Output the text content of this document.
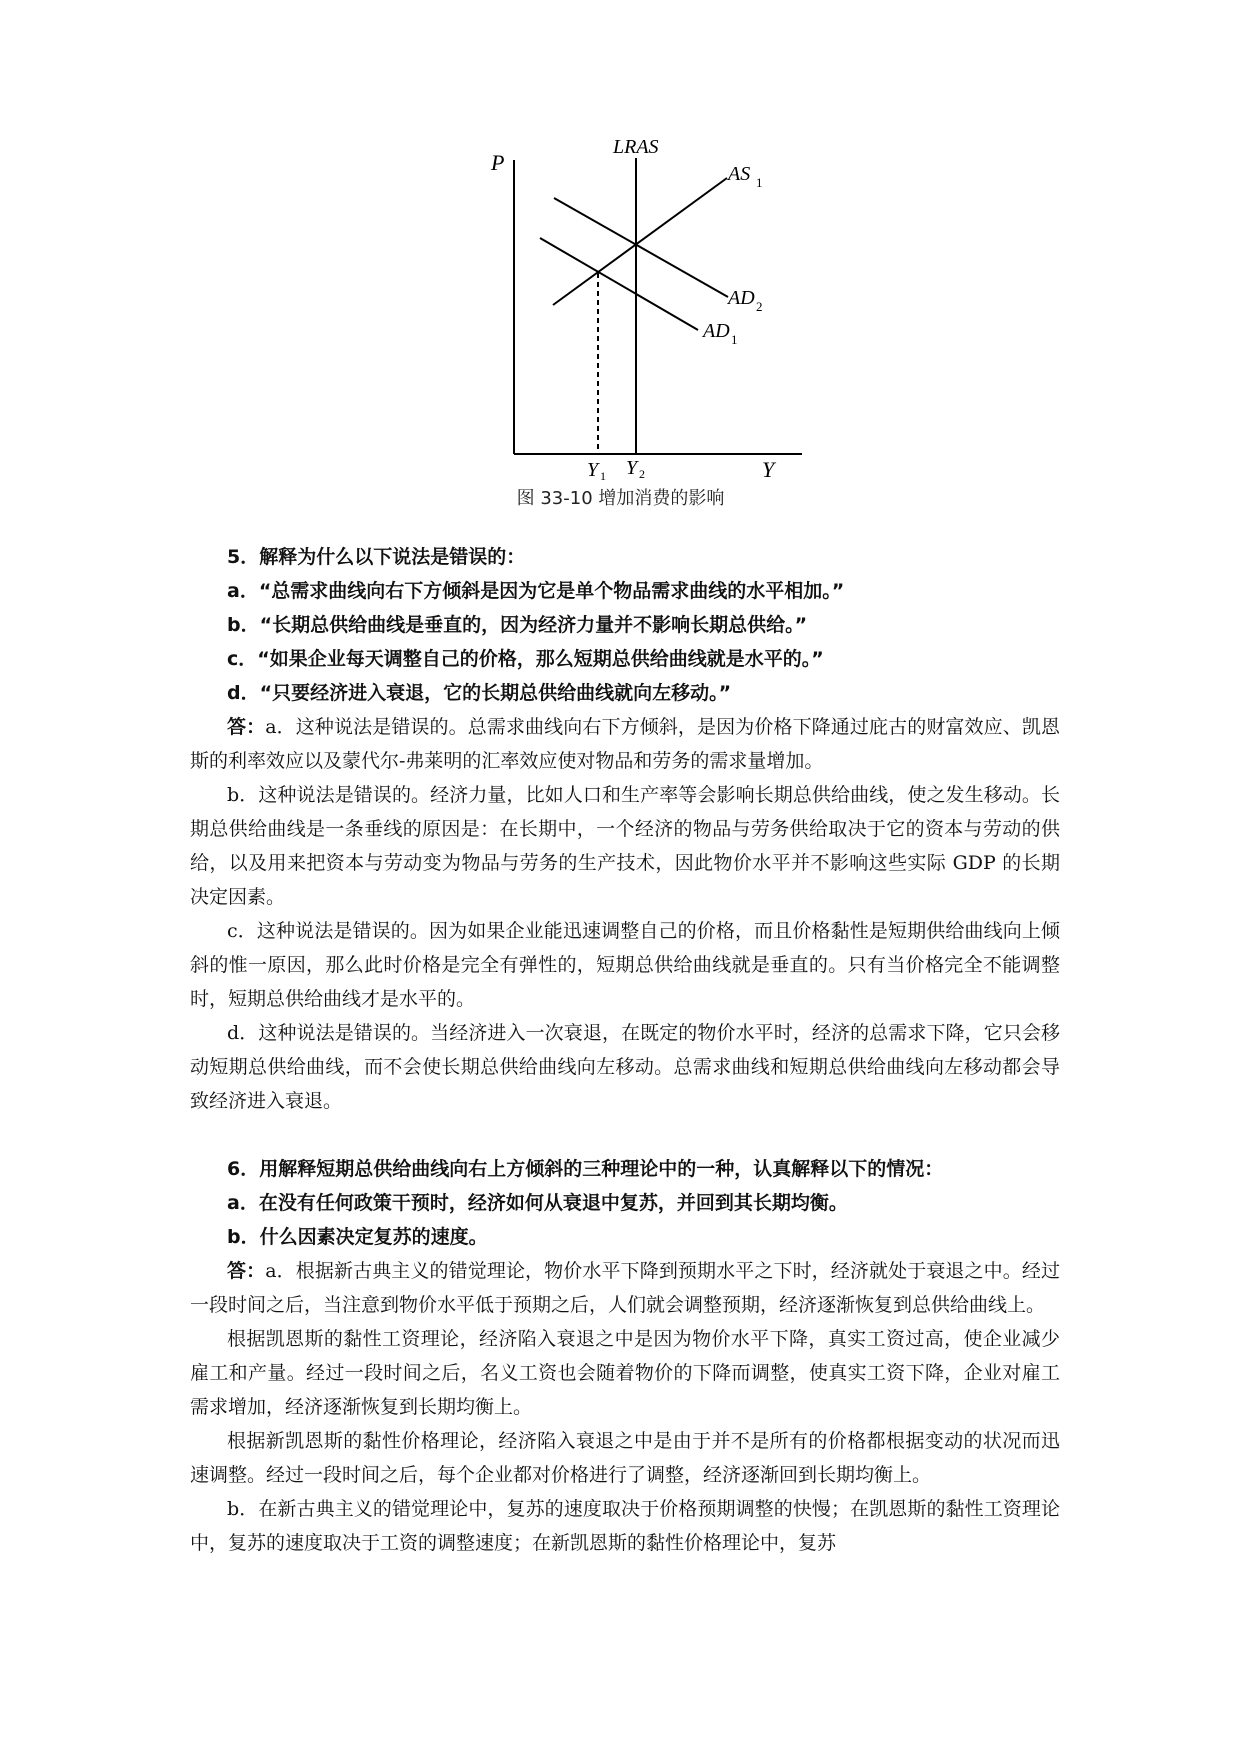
P
LRAS
AS 1
AD 2
AD 1
Y 1 Y 2	Y
图 33-10 增加消费的影响
5．解释为什么以下说法是错误的：
a．“总需求曲线向右下方倾斜是因为它是单个物品需求曲线的水平相加。”
b．“长期总供给曲线是垂直的，因为经济力量并不影响长期总供给。”
c．“如果企业每天调整自己的价格，那么短期总供给曲线就是水平的。”
d．“只要经济进入衰退，它的长期总供给曲线就向左移动。”

答：a．这种说法是错误的。总需求曲线向右下方倾斜，是因为价格下降通过庇古的财富效应、凯恩斯的利率效应以及蒙代尔-弗莱明的汇率效应使对物品和劳务的需求量增加。

b．这种说法是错误的。经济力量，比如人口和生产率等会影响长期总供给曲线，使之发生移动。长期总供给曲线是一条垂线的原因是：在长期中，一个经济的物品与劳务供给取决于它的资本与劳动的供给，以及用来把资本与劳动变为物品与劳务的生产技术，因此物价水平并不影响这些实际 GDP 的长期决定因素。

c．这种说法是错误的。因为如果企业能迅速调整自己的价格，而且价格黏性是短期供给曲线向上倾斜的惟一原因，那么此时价格是完全有弹性的，短期总供给曲线就是垂直的。只有当价格完全不能调整时，短期总供给曲线才是水平的。

d．这种说法是错误的。当经济进入一次衰退，在既定的物价水平时，经济的总需求下降，它只会移动短期总供给曲线，而不会使长期总供给曲线向左移动。总需求曲线和短期总供给曲线向左移动都会导致经济进入衰退。

6．用解释短期总供给曲线向右上方倾斜的三种理论中的一种，认真解释以下的情况：
a．在没有任何政策干预时，经济如何从衰退中复苏，并回到其长期均衡。
b．什么因素决定复苏的速度。

答：a．根据新古典主义的错觉理论，物价水平下降到预期水平之下时，经济就处于衰退之中。经过一段时间之后，当注意到物价水平低于预期之后，人们就会调整预期，经济逐渐恢复到总供给曲线上。

根据凯恩斯的黏性工资理论，经济陷入衰退之中是因为物价水平下降，真实工资过高，使企业减少雇工和产量。经过一段时间之后，名义工资也会随着物价的下降而调整，使真实工资下降，企业对雇工需求增加，经济逐渐恢复到长期均衡上。

根据新凯恩斯的黏性价格理论，经济陷入衰退之中是由于并不是所有的价格都根据变动的状况而迅速调整。经过一段时间之后，每个企业都对价格进行了调整，经济逐渐回到长期均衡上。

b．在新古典主义的错觉理论中，复苏的速度取决于价格预期调整的快慢；在凯恩斯的黏性工资理论中，复苏的速度取决于工资的调整速度；在新凯恩斯的黏性价格理论中，复苏
